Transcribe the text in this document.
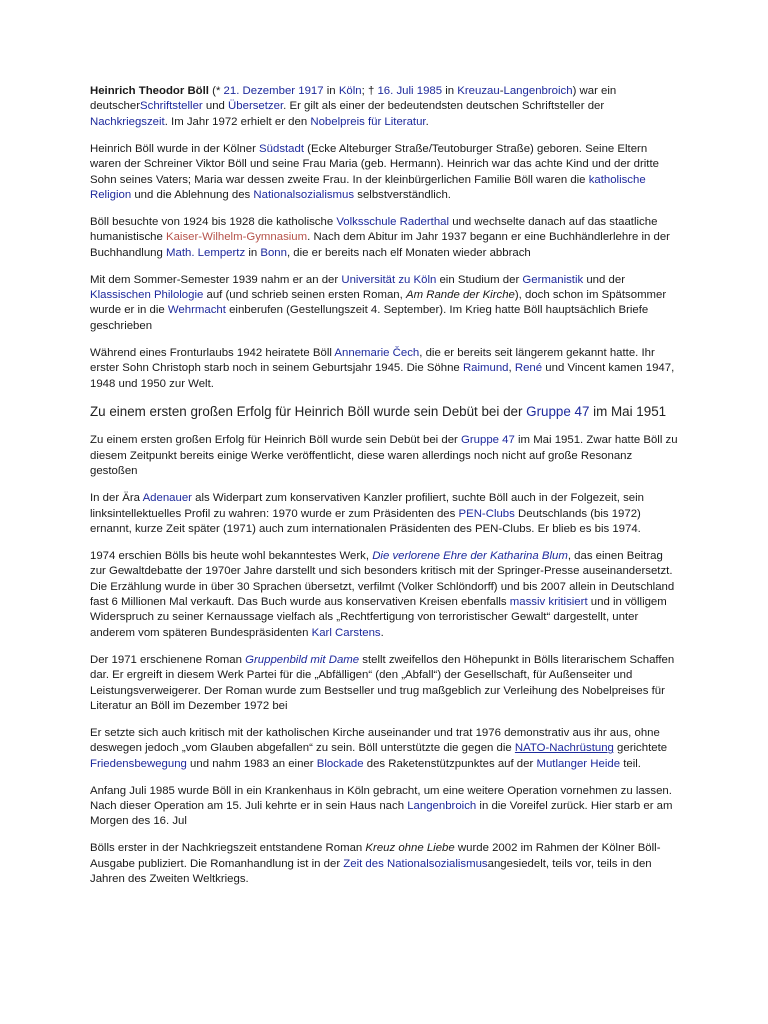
Heinrich Theodor Böll (* 21. Dezember 1917 in Köln; † 16. Juli 1985 in Kreuzau-Langenbroich) war ein deutscherSchriftsteller und Übersetzer. Er gilt als einer der bedeutendsten deutschen Schriftsteller der Nachkriegszeit. Im Jahr 1972 erhielt er den Nobelpreis für Literatur.

Heinrich Böll wurde in der Kölner Südstadt (Ecke Alteburger Straße/Teutoburger Straße) geboren. Seine Eltern waren der Schreiner Viktor Böll und seine Frau Maria (geb. Hermann). Heinrich war das achte Kind und der dritte Sohn seines Vaters; Maria war dessen zweite Frau. In der kleinbürgerlichen Familie Böll waren die katholische Religion und die Ablehnung des Nationalsozialismus selbstverständlich.

Böll besuchte von 1924 bis 1928 die katholische Volksschule Raderthal und wechselte danach auf das staatliche humanistische Kaiser-Wilhelm-Gymnasium. Nach dem Abitur im Jahr 1937 begann er eine Buchhändlerlehre in der Buchhandlung Math. Lempertz in Bonn, die er bereits nach elf Monaten wieder abbrach

Mit dem Sommer-Semester 1939 nahm er an der Universität zu Köln ein Studium der Germanistik und der Klassischen Philologie auf (und schrieb seinen ersten Roman, Am Rande der Kirche), doch schon im Spätsommer wurde er in die Wehrmacht einberufen (Gestellungszeit 4. September). Im Krieg hatte Böll hauptsächlich Briefe geschrieben

Während eines Fronturlaubs 1942 heiratete Böll Annemarie Čech, die er bereits seit längerem gekannt hatte. Ihr erster Sohn Christoph starb noch in seinem Geburtsjahr 1945. Die Söhne Raimund, René und Vincent kamen 1947, 1948 und 1950 zur Welt.

Zu einem ersten großen Erfolg für Heinrich Böll wurde sein Debüt bei der Gruppe 47 im Mai 1951

Zu einem ersten großen Erfolg für Heinrich Böll wurde sein Debüt bei der Gruppe 47 im Mai 1951. Zwar hatte Böll zu diesem Zeitpunkt bereits einige Werke veröffentlicht, diese waren allerdings noch nicht auf große Resonanz gestoßen

In der Ära Adenauer als Widerpart zum konservativen Kanzler profiliert, suchte Böll auch in der Folgezeit, sein linksintellektuelles Profil zu wahren: 1970 wurde er zum Präsidenten des PEN-Clubs Deutschlands (bis 1972) ernannt, kurze Zeit später (1971) auch zum internationalen Präsidenten des PEN-Clubs. Er blieb es bis 1974.

1974 erschien Bölls bis heute wohl bekanntestes Werk, Die verlorene Ehre der Katharina Blum, das einen Beitrag zur Gewaltdebatte der 1970er Jahre darstellt und sich besonders kritisch mit der Springer-Presse auseinandersetzt. Die Erzählung wurde in über 30 Sprachen übersetzt, verfilmt (Volker Schlöndorff) und bis 2007 allein in Deutschland fast 6 Millionen Mal verkauft. Das Buch wurde aus konservativen Kreisen ebenfalls massiv kritisiert und in völligem Widerspruch zu seiner Kernaussage vielfach als „Rechtfertigung von terroristischer Gewalt“ dargestellt, unter anderem vom späteren Bundespräsidenten Karl Carstens.

Der 1971 erschienene Roman Gruppenbild mit Dame stellt zweifellos den Höhepunkt in Bölls literarischem Schaffen dar. Er ergreift in diesem Werk Partei für die „Abfälligen“ (den „Abfall“) der Gesellschaft, für Außenseiter und Leistungsverweigerer. Der Roman wurde zum Bestseller und trug maßgeblich zur Verleihung des Nobelpreises für Literatur an Böll im Dezember 1972 bei

Er setzte sich auch kritisch mit der katholischen Kirche auseinander und trat 1976 demonstrativ aus ihr aus, ohne deswegen jedoch „vom Glauben abgefallen“ zu sein. Böll unterstützte die gegen die NATO-Nachrüstung gerichtete Friedensbewegung und nahm 1983 an einer Blockade des Raketenstützpunktes auf der Mutlanger Heide teil.

Anfang Juli 1985 wurde Böll in ein Krankenhaus in Köln gebracht, um eine weitere Operation vornehmen zu lassen. Nach dieser Operation am 15. Juli kehrte er in sein Haus nach Langenbroich in die Voreifel zurück. Hier starb er am Morgen des 16. Jul

Bölls erster in der Nachkriegszeit entstandene Roman Kreuz ohne Liebe wurde 2002 im Rahmen der Kölner Böll-Ausgabe publiziert. Die Romanhandlung ist in der Zeit des Nationalsozialismusangesiedelt, teils vor, teils in den Jahren des Zweiten Weltkriegs.
